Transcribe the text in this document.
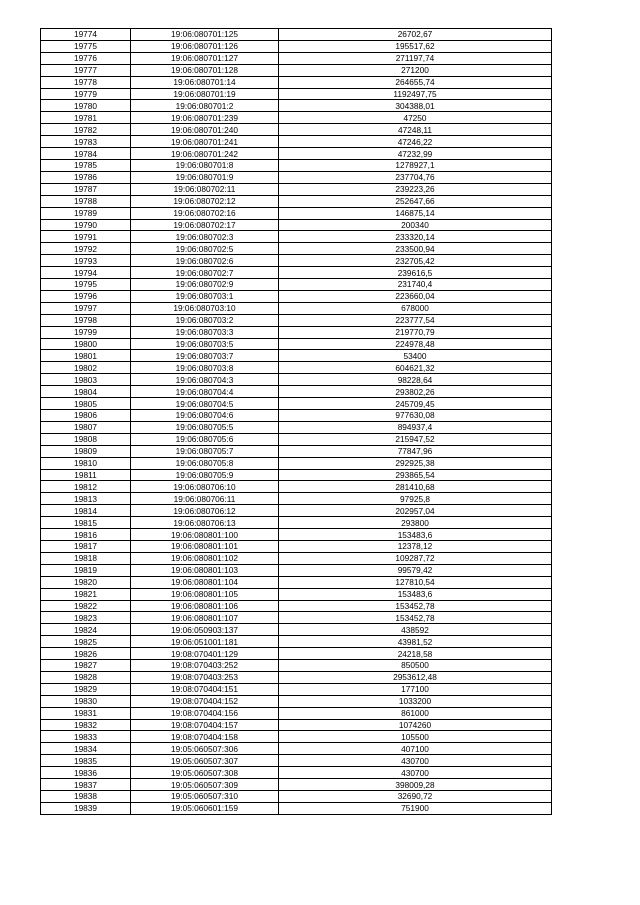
19774	19:06:080701:125	26702,67
19775	19:06:080701:126	195517,62
19776	19:06:080701:127	271197,74
19777	19:06:080701:128	271200
19778	19:06:080701:14	264655,74
19779	19:06:080701:19	1192497,75
19780	19:06:080701:2	304388,01
19781	19:06:080701:239	47250
19782	19:06:080701:240	47248,11
19783	19:06:080701:241	47246,22
19784	19:06:080701:242	47232,99
19785	19:06:080701:8	1278927,1
19786	19:06:080701:9	237704,76
19787	19:06:080702:11	239223,26
19788	19:06:080702:12	252647,66
19789	19:06:080702:16	146875,14
19790	19:06:080702:17	200340
19791	19:06:080702:3	233320,14
19792	19:06:080702:5	233500,94
19793	19:06:080702:6	232705,42
19794	19:06:080702:7	239616,5
19795	19:06:080702:9	231740,4
19796	19:06:080703:1	223660,04
19797	19:06:080703:10	678000
19798	19:06:080703:2	223777,54
19799	19:06:080703:3	219770,79
19800	19:06:080703:5	224978,48
19801	19:06:080703:7	53400
19802	19:06:080703:8	604621,32
19803	19:06:080704:3	98228,64
19804	19:06:080704:4	293802,26
19805	19:06:080704:5	245709,45
19806	19:06:080704:6	977630,08
19807	19:06:080705:5	894937,4
19808	19:06:080705:6	215947,52
19809	19:06:080705:7	77847,96
19810	19:06:080705:8	292925,38
19811	19:06:080705:9	293865,54
19812	19:06:080706:10	281410,68
19813	19:06:080706:11	97925,8
19814	19:06:080706:12	202957,04
19815	19:06:080706:13	293800
19816	19:06:080801:100	153483,6
19817	19:06:080801:101	12378,12
19818	19:06:080801:102	109287,72
19819	19:06:080801:103	99579,42
19820	19:06:080801:104	127810,54
19821	19:06:080801:105	153483,6
19822	19:06:080801:106	153452,78
19823	19:06:080801:107	153452,78
19824	19:06:050903:137	438592
19825	19:06:051001:181	43981,52
19826	19:08:070401:129	24218,58
19827	19:08:070403:252	850500
19828	19:08:070403:253	2953612,48
19829	19:08:070404:151	177100
19830	19:08:070404:152	1033200
19831	19:08:070404:156	861000
19832	19:08:070404:157	1074260
19833	19:08:070404:158	105500
19834	19:05:060507:306	407100
19835	19:05:060507:307	430700
19836	19:05:060507:308	430700
19837	19:05:060507:309	398009,28
19838	19:05:060507:310	32690,72
19839	19:05:060601:159	751900
